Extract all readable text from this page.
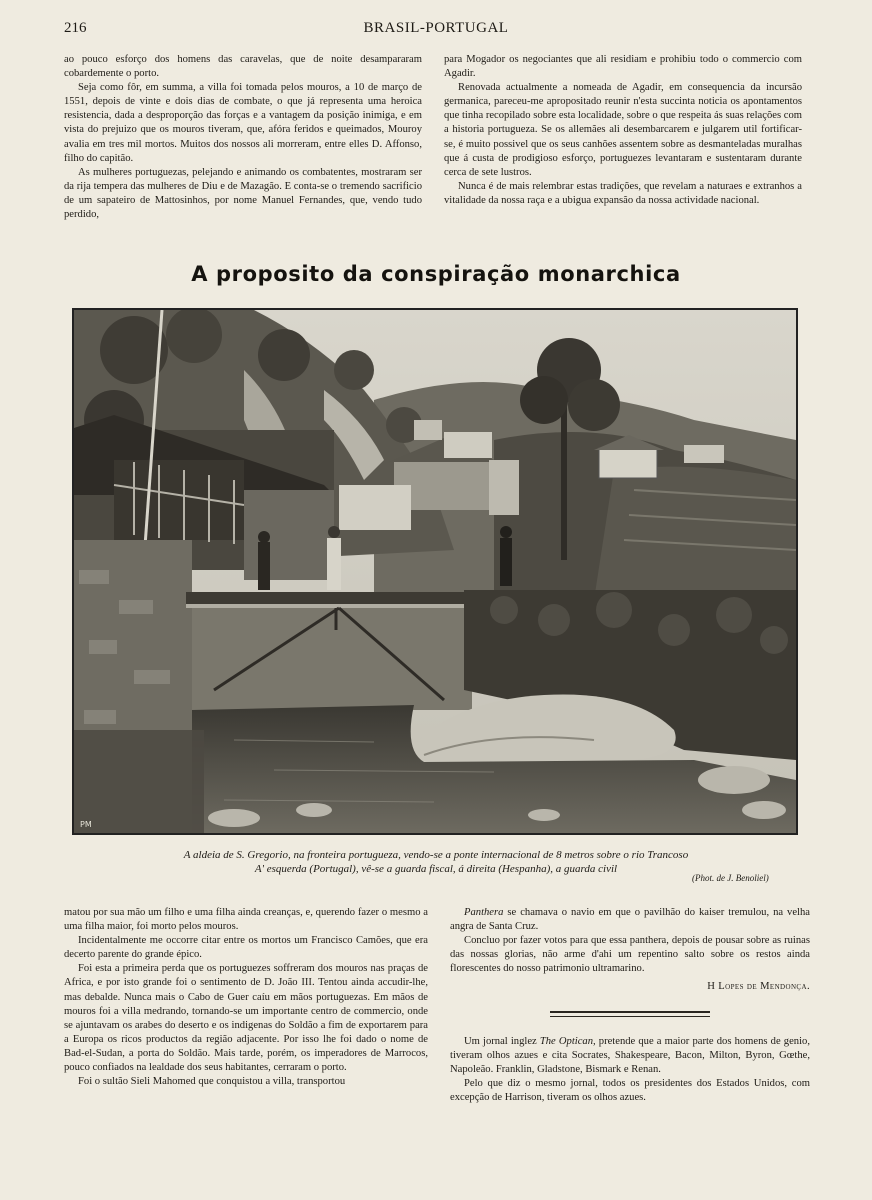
216	BRASIL-PORTUGAL

ao pouco esforço dos homens das caravelas, que de noite desampararam cobardemente o porto.

Seja como fôr, em summa, a villa foi tomada pelos mouros, a 10 de março de 1551, depois de vinte e dois dias de combate, o que já representa uma heroica resistencia, dada a desproporção das forças e a vantagem da posição inimiga, e em vista do prejuizo que os mouros tiveram, que, afóra feridos e queimados, Mouroy avalia em tres mil mortos. Muitos dos nossos ali morreram, entre elles D. Affonso, filho do capitão.

As mulheres portuguezas, pelejando e animando os combatentes, mostraram ser da rija tempera das mulheres de Diu e de Mazagão. E conta-se o tremendo sacrificio de um sapateiro de Mattosinhos, por nome Manuel Fernandes, que, vendo tudo perdido,

para Mogador os negociantes que ali residiam e prohibiu todo o commercio com Agadir.

Renovada actualmente a nomeada de Agadir, em consequencia da incursão germanica, pareceu-me apropositado reunir n'esta succinta noticia os apontamentos que tinha recopilado sobre esta localidade, sobre o que respeita ás suas relações com a historia portugueza. Se os allemães ali desembarcarem e julgarem util fortificar-se, é muito possivel que os seus canhões assentem sobre as desmanteladas muralhas que á custa de prodigioso esforço, portuguezes levantaram e sustentaram durante cerca de sete lustros.

Nunca é de mais relembrar estas tradições, que revelam a naturaes e extranhos a vitalidade da nossa raça e a ubigua expansão da nossa actividade nacional.

A proposito da conspiração monarchica
PM
A aldeia de S. Gregorio, na fronteira portugueza, vendo-se a ponte internacional de 8 metros sobre o rio Trancoso
A' esquerda (Portugal), vê-se a guarda fiscal, á direita (Hespanha), a guarda civil
(Phot. de J. Benoliel)

matou por sua mão um filho e uma filha ainda creanças, e, querendo fazer o mesmo a uma filha maior, foi morto pelos mouros.

Incidentalmente me occorre citar entre os mortos um Francisco Camões, que era decerto parente do grande épico.

Foi esta a primeira perda que os portuguezes soffreram dos mouros nas praças de Africa, e por isto grande foi o sentimento de D. João III. Tentou ainda accudir-lhe, mas debalde. Nunca mais o Cabo de Guer caíu em mãos portuguezas. Em mãos de mouros foi a villa medrando, tornando-se um importante centro de commercio, onde se ajuntavam os arabes do deserto e os indigenas do Soldão a fim de exportarem para a Europa os ricos productos da região adjacente. Por isso lhe foi dado o nome de Bad-el-Sudan, a porta do Soldão. Mais tarde, porém, os imperadores de Marrocos, pouco confiados na lealdade dos seus habitantes, cerraram o porto.

Foi o sultão Sieli Mahomed que conquistou a villa, transportou

Panthera se chamava o navio em que o pavilhão do kaiser tremulou, na velha angra de Santa Cruz.

Concluo por fazer votos para que essa panthera, depois de pousar sobre as ruinas das nossas glorias, não arme d'ahi um repentino salto sobre os restos ainda florescentes do nosso patrimonio ultramarino.

H Lopes de Mendonça.

Um jornal inglez The Optican, pretende que a maior parte dos homens de genio, tiveram olhos azues e cita Socrates, Shakespeare, Bacon, Milton, Byron, Gœthe, Napoleão. Franklin, Gladstone, Bismark e Renan.

Pelo que diz o mesmo jornal, todos os presidentes dos Estados Unidos, com excepção de Harrison, tiveram os olhos azues.
